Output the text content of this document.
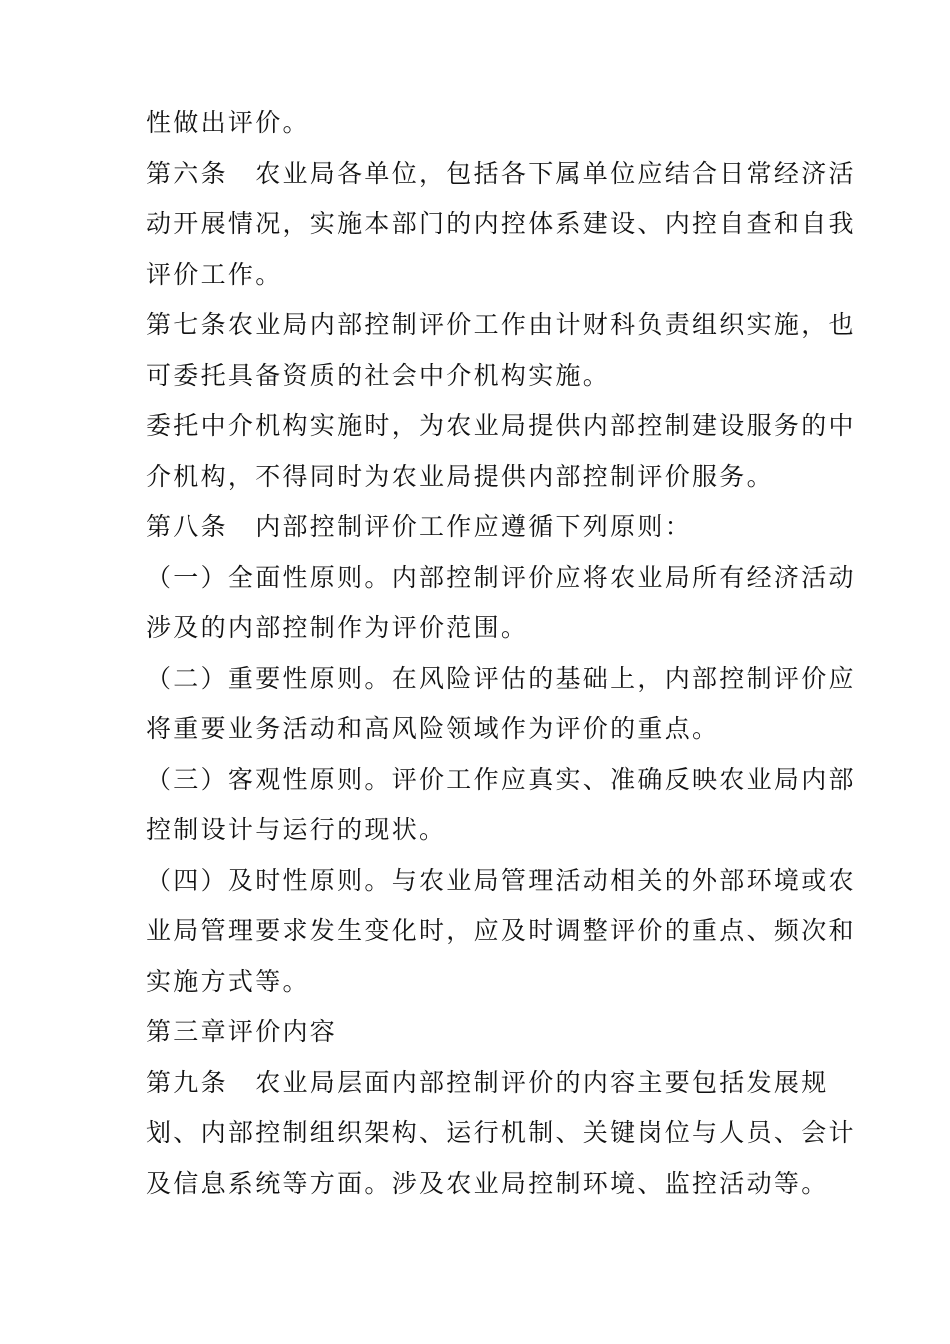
性做出评价。
第六条　农业局各单位，包括各下属单位应结合日常经济活
动开展情况，实施本部门的内控体系建设、内控自查和自我
评价工作。
第七条农业局内部控制评价工作由计财科负责组织实施，也
可委托具备资质的社会中介机构实施。
委托中介机构实施时，为农业局提供内部控制建设服务的中
介机构，不得同时为农业局提供内部控制评价服务。
第八条　内部控制评价工作应遵循下列原则：
（一）全面性原则。内部控制评价应将农业局所有经济活动
涉及的内部控制作为评价范围。
（二）重要性原则。在风险评估的基础上，内部控制评价应
将重要业务活动和高风险领域作为评价的重点。
（三）客观性原则。评价工作应真实、准确反映农业局内部
控制设计与运行的现状。
（四）及时性原则。与农业局管理活动相关的外部环境或农
业局管理要求发生变化时，应及时调整评价的重点、频次和
实施方式等。
第三章评价内容
第九条　农业局层面内部控制评价的内容主要包括发展规
划、内部控制组织架构、运行机制、关键岗位与人员、会计
及信息系统等方面。涉及农业局控制环境、监控活动等。
